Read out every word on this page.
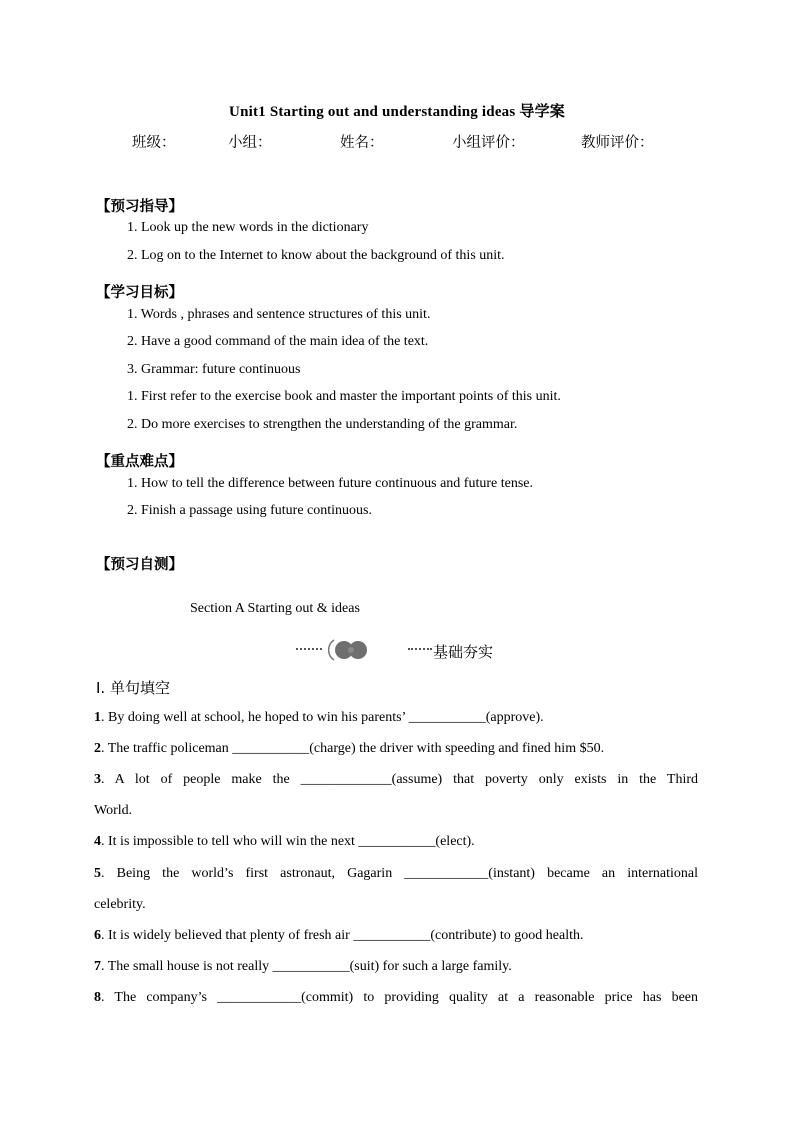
Unit1 Starting out and understanding ideas 导学案
班级：	小组：	姓名：	小组评价：	教师评价：
【预习指导】
1. Look up the new words in the dictionary
2. Log on to the Internet to know about the background of this unit.
【学习目标】
1. Words , phrases and sentence structures of this unit.
2. Have a good command of the main idea of the text.
3. Grammar: future continuous
1. First refer to the exercise book and master the important points of this unit.
2. Do more exercises to strengthen the understanding of the grammar.
【重点难点】
1. How to tell the difference between future continuous and future tense.
2. Finish a passage using future continuous.
【预习自测】
Section A Starting out & ideas
基础夯实
Ⅰ. 单句填空
1. By doing well at school, he hoped to win his parents’ ___________(approve).
2. The traffic policeman ___________(charge) the driver with speeding and fined him $50.
3. A lot of people make the _____________(assume) that poverty only exists in the Third
World.
4. It is impossible to tell who will win the next ___________(elect).
5. Being the world’s first astronaut, Gagarin ____________(instant) became an international
celebrity.
6. It is widely believed that plenty of fresh air ___________(contribute) to good health.
7. The small house is not really ___________(suit) for such a large family.
8. The company’s ____________(commit) to providing quality at a reasonable price has been
